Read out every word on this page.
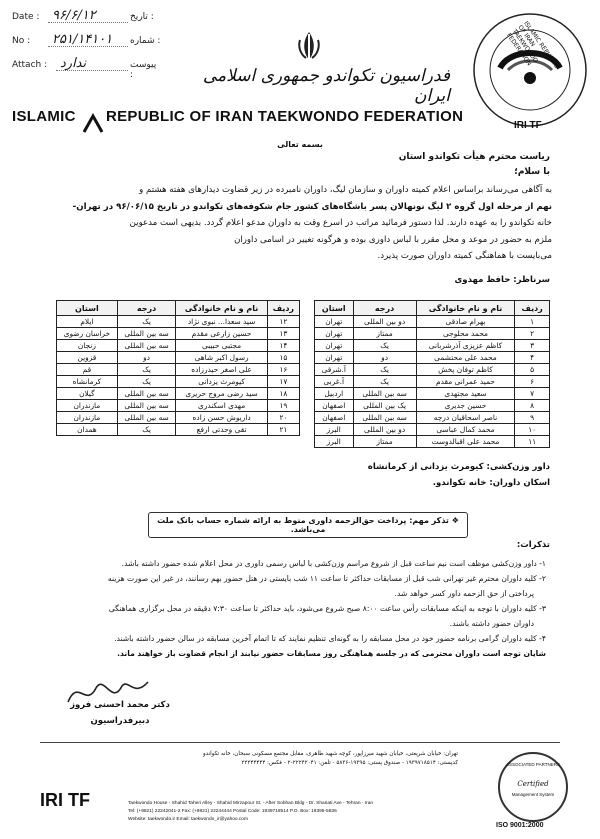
Date : ۹۶/۶/۱۲	تاریخ :
No : ۲۵۱/۱۴۱۰۱ شماره :
Attach : ندارد	پیوست :	فدراسیون تکواندو جمهوری اسلامی ایران
ISLAMIC REPUBLIC OF IRAN TAEKWONDO FEDERATION
IRI TF
ISLAMIC REPUBLIC OF IRAN TAEKWONDO FEDERATION
بسمه تعالی
ریاست محترم هیأت تکواندو استان
با سلام؛
به آگاهی می‌رساند براساس اعلام کمیته داوران و سازمان لیگ، داوران نامبرده در زیر قضاوت دیدارهای هفته هشتم و
نهم از مرحله اول گروه ۲ لیگ نونهالان پسر باشگاه‌های کشور جام شکوفه‌های تکواندو در تاریخ ۹۶/۰۶/۱۵ در تهران-
خانه تکواندو را به عهده دارند. لذا دستور فرمائید مراتب در اسرع وقت به داوران مدعو اعلام گردد. بدیهی است مدعوین
ملزم به حضور در موعد و محل مقرر با لباس داوری بوده و هرگونه تغییر در اسامی داوران
می‌بایست با هماهنگی کمیته داوران صورت پذیرد.
سرناظر: حافظ مهدوی
ردیف	نام و نام خانوادگی	درجه	استان
۱	بهرام صادقی	دو بین المللی	تهران
۲	محمد محلوجی	ممتاز	تهران
۳	کاظم عزیزی آذرشربانی	یک	تهران
۴	محمد علی محتشمی	دو	تهران
۵	کاظم توفان پخش	یک	آ.شرقی
۶	حمید عمرانی مقدم	یک	آ.غربی
۷	سعید مجتهدی	سه بین المللی	اردبیل
۸	حسین جدیری	یک بین المللی	اصفهان
۹	ناصر اسحاقیان درچه	سه بین المللی	اصفهان
۱۰	محمد کمال عباسی	دو بین المللی	البرز
۱۱	محمد علی اقبالدوست	ممتاز	البرز
ردیف	نام و نام خانوادگی	درجه	استان
۱۲	سید سعدا... نبوی نژاد	یک	ایلام
۱۳	حسین زارعی مقدم	سه بین المللی	خراسان رضوی
۱۴	مجتبی حبیبی	سه بین المللی	زنجان
۱۵	رسول اکبر شاهی	دو	قزوین
۱۶	علی اصغر حیدرزاده	یک	قم
۱۷	کیومرث یزدانی	یک	کرمانشاه
۱۸	سید رضی مروج حریری	سه بین المللی	گیلان
۱۹	مهدی اسکندری	سه بین المللی	مازندران
۲۰	داریوش حسن زاده	سه بین المللی	مازندران
۲۱	تقی وحدتی ارفع	یک	همدان
داور وزن‌کشی: کیومرث یزدانی از کرمانشاه
اسکان داوران: خانه تکواندو.
❖ تذکر مهم: پرداخت حق‌الزحمه داوری منوط به ارائه شماره حساب بانک ملت می‌باشد.
تذکرات:
۱- داور وزن‌کشی موظف است نیم ساعت قبل از شروع مراسم وزن‌کشی با لباس رسمی داوری در محل اعلام شده حضور داشته باشد.
۲- کلیه داوران محترم غیر تهرانی شب قبل از مسابقات حداکثر تا ساعت ۱۱ شب بایستی در هتل حضور بهم رسانند، در غیر این صورت هزینه
پرداختی از حق الزحمه داور کسر خواهد شد.
۳- کلیه داوران با توجه به اینکه مسابقات رأس ساعت ۸:۰۰ صبح شروع می‌شود، باید حداکثر تا ساعت ۷:۳۰ دقیقه در محل برگزاری هماهنگی
داوران حضور داشته باشند.
۴- کلیه داوران گرامی برنامه حضور خود در محل مسابقه را به گونه‌ای تنظیم نمایند که تا اتمام آخرین مسابقه در سالن حضور داشته باشند.
شایان توجه است داوران محترمی که در جلسه هماهنگی روز مسابقات حضور نیابند از انجام قضاوت باز خواهند ماند.
دکتر محمد احسنی فروز
دبیرفدراسیون
IRI TF
تهران: خیابان شریعتی، خیابان شهید میرزاپور، کوچه شهید طاهری، مقابل مجتمع مسکونی سبحان، خانه تکواندو
کدپستی: ۱۹۳۹۷۱۸۵۱۴ - صندوق پستی: ۱۹۳۹۵-۵۸۳۶ - تلفن: ۲۲۲۴۲۰۴۱-۲ - فکس: ۲۲۲۴۴۴۴۴
Taekwondo House - Shahid Taheri Alley - Shahid Mirzapour St. - After Sobhan Bldg - Dr. Shariati Ave - Tehran - Iran
Tel: (+9821) 22242041-2 Fax: (+9821) 22244444 Postal Code: 1939718514 P.O. Box: 19395-5836
Website: taekwondo.ir Email: taekwondo_ir@yahoo.com
ASSOCIATED PARTNERS
Certified
Management System
ISO 9001:2000
